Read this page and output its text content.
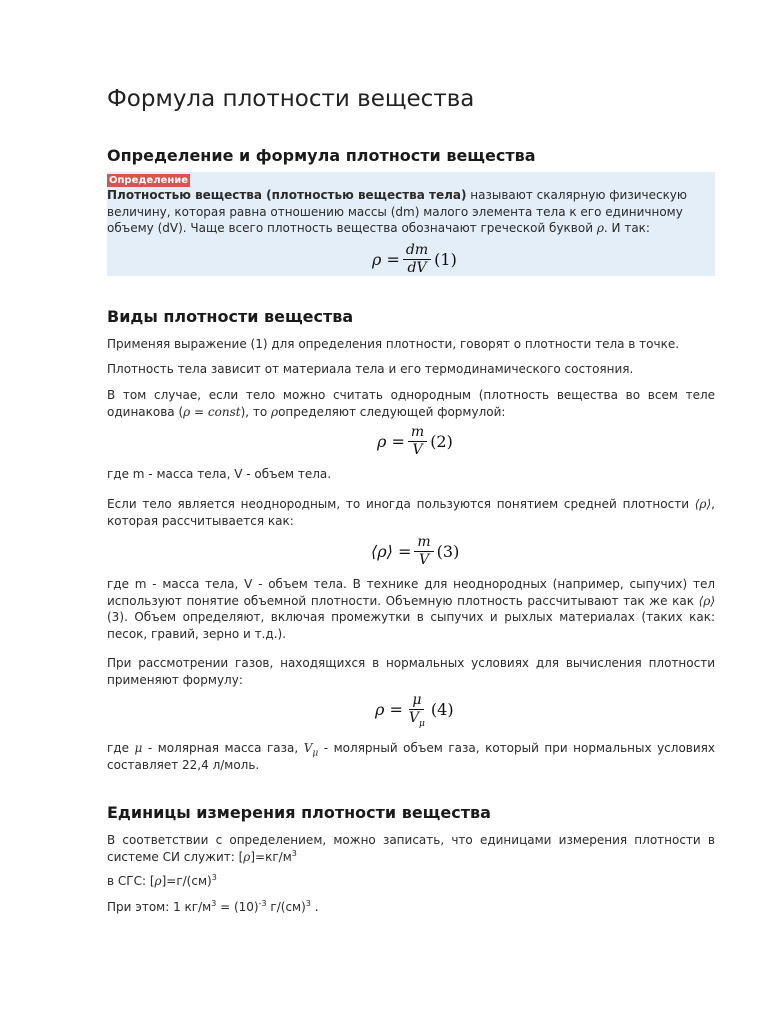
Формула плотности вещества
Определение и формула плотности вещества
Определение

Плотностью вещества (плотностью вещества тела) называют скалярную физическую величину, которая равна отношению массы (dm) малого элемента тела к его единичному объему (dV). Чаще всего плотность вещества обозначают греческой буквой ρ. И так:

ρ
= $\frac{dm}{dV} (1)$
Виды плотности вещества

Применяя выражение (1) для определения плотности, говорят о плотности тела в точке.

Плотность тела зависит от материала тела и его термодинамического состояния.

В том случае, если тело можно считать однородным (плотность вещества во всем теле одинакова (ρ = const), то ρопределяют следующей формулой:

ρ
= $\frac{m}{V} (2)$

где m - масса тела, V - объем тела.

Если тело является неоднородным, то иногда пользуются понятием средней плотности ⟨ρ⟩, которая рассчитывается как:

⟨ρ⟩
= $\frac{m}{V} (3)$

где m - масса тела, V - объем тела. В технике для неоднородных (например, сыпучих) тел используют понятие объемной плотности. Объемную плотность рассчитывают так же как ⟨ρ⟩ (3). Объем определяют, включая промежутки в сыпучих и рыхлых материалах (таких как: песок, гравий, зерно и т.д.).

При рассмотрении газов, находящихся в нормальных условиях для вычисления плотности применяют формулу:

ρ
= $\frac{\mu}{V_\mu} (4)$

где μ - молярная масса газа, $V_\mu$ - молярный объем газа, который при нормальных условиях составляет 22,4 л/моль.

Единицы измерения плотности вещества

В соответствии с определением, можно записать, что единицами измерения плотности в системе СИ служит: $[\rho]=кг/м^3$

в СГС: [ρ]=г/(см)$^3$

При этом: 1 $кг/м^3 = (10)^{-3}$ г/(см)$^3$ .
